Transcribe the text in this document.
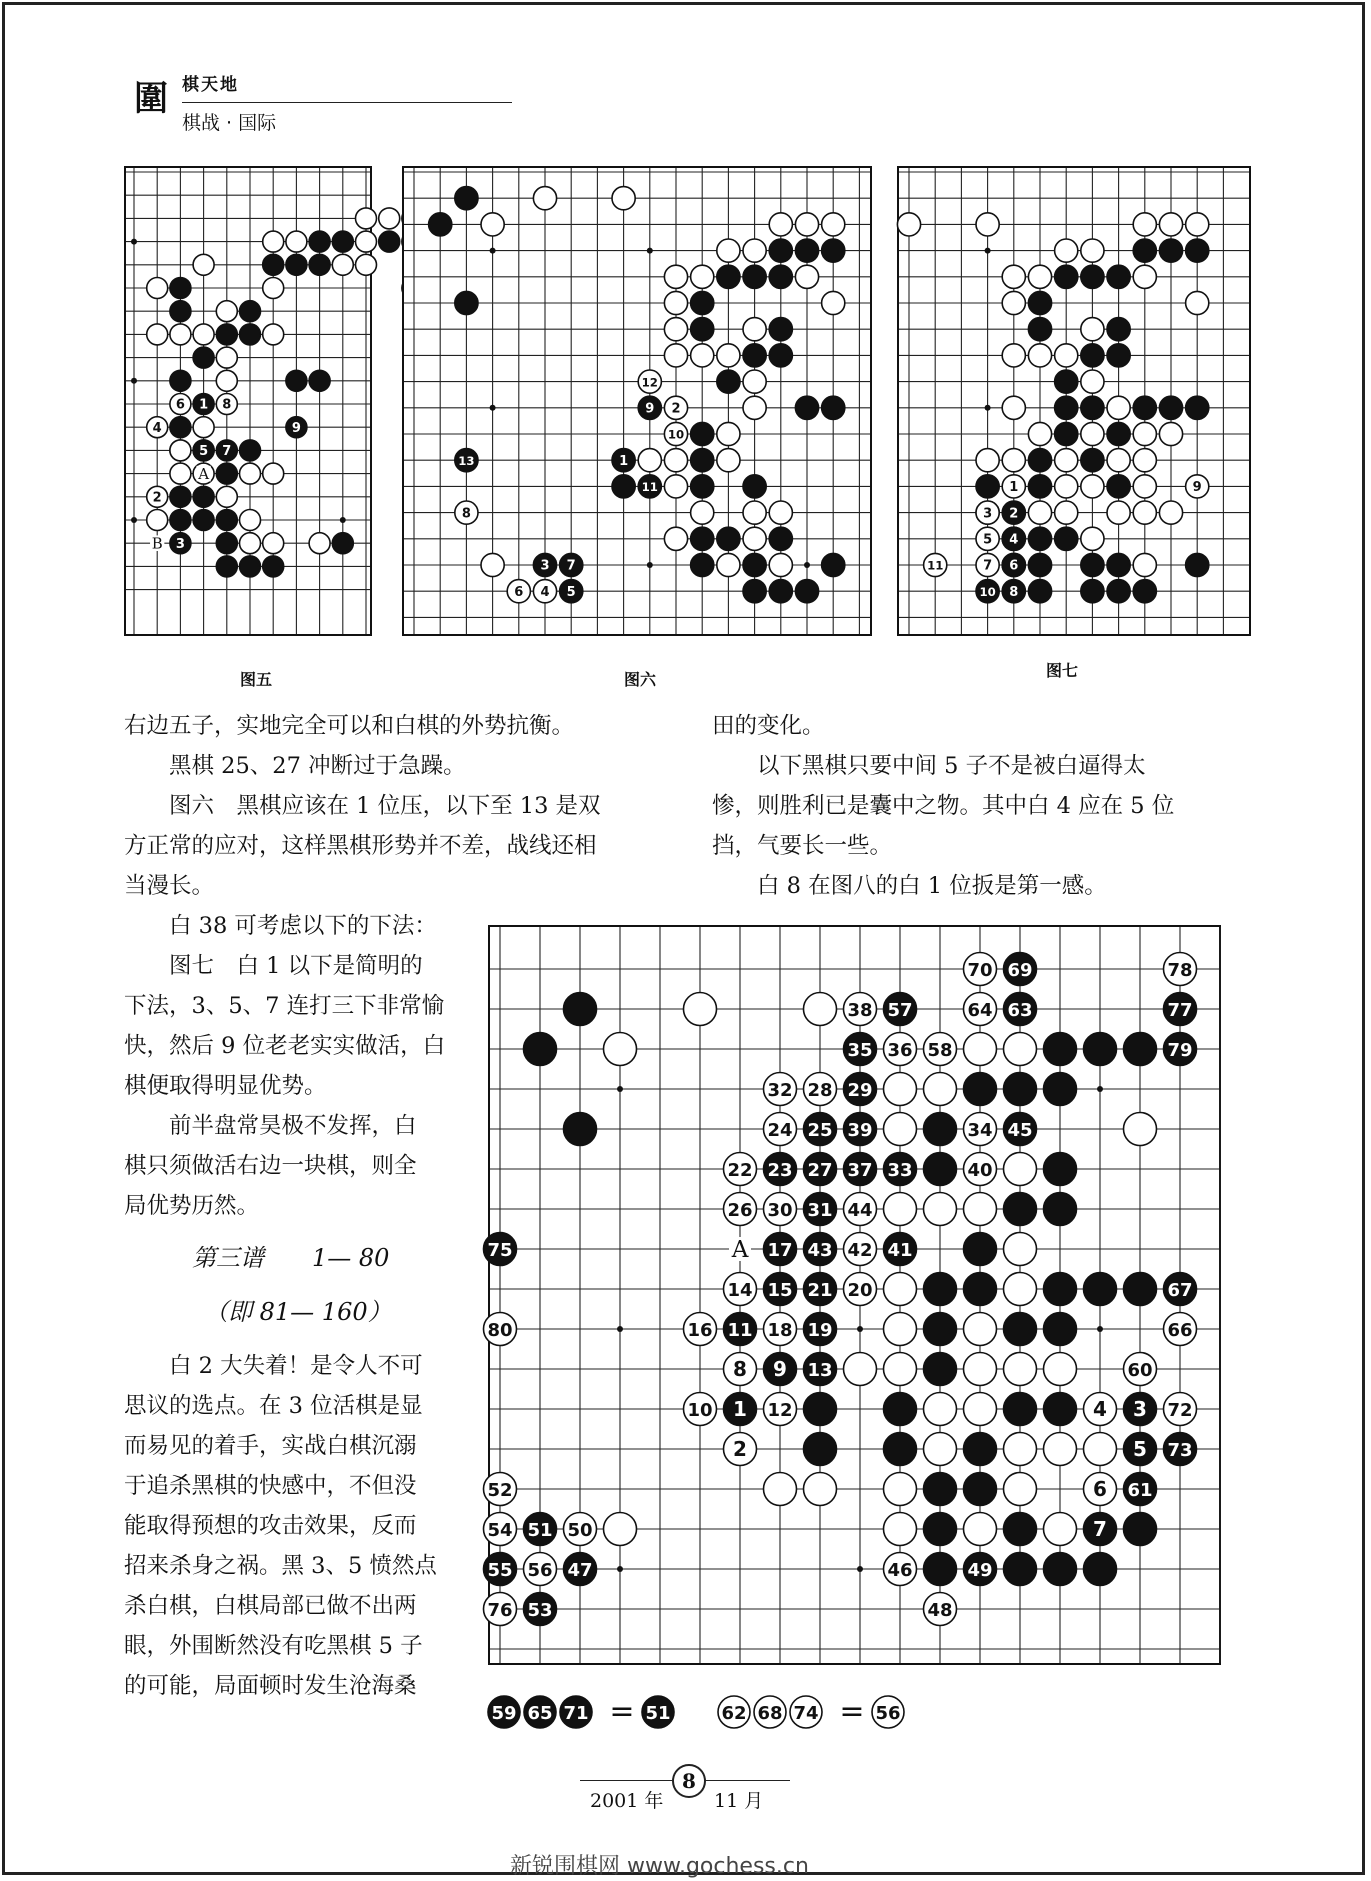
圍 棋天地
棋战 · 国际
6 1 8
4	9
5 7
2
3
A
B
图五
12
9 2
10
13	1
11
8
3 7
6 4 5
图六
1	9
3 2
5 4
11	7 6
10 8
图七
右边五子，实地完全可以和白棋的外势抗衡。
　　黑棋 25、27 冲断过于急躁。
　　图六　黑棋应该在 1 位压，以下至 13 是双
方正常的应对，这样黑棋形势并不差，战线还相
当漫长。
田的变化。
　　以下黑棋只要中间 5 子不是被白逼得太
惨，则胜利已是囊中之物。其中白 4 应在 5 位
挡，气要长一些。
　　白 8 在图八的白 1 位扳是第一感。
　　白 38 可考虑以下的下法：
　　图七　白 1 以下是简明的
下法，3、5、7 连打三下非常愉
快，然后 9 位老老实实做活，白
棋便取得明显优势。
　　前半盘常昊极不发挥，白
棋只须做活右边一块棋，则全
局优势历然。
第三谱　　1— 80
（即 81— 160）
　　白 2 大失着！是令人不可
思议的选点。在 3 位活棋是显
而易见的着手，实战白棋沉溺
于追杀黑棋的快感中，不但没
能取得预想的攻击效果，反而
招来杀身之祸。黑 3、5 愤然点
杀白棋，白棋局部已做不出两
眼，外围断然没有吃黑棋 5 子
的可能，局面顿时发生沧海桑
70 69	78
38 57	64 63	77
35 36 58	79
32 28 29
24 25 39	34 45
22 23 27 37 33	40
26 30 31 44
75	17 43 42 41
14 15 21 20	67
80	16 11 18 19	66
8 9 13	60
10 1 12	4 3 72
2	5 73
52	6 61
54 51 50	7
55 56 47	46	49
76 53	48
A
59 65 71 = 51	62 68 74 = 56
2001 年
8
11 月
新锐围棋网 www.gochess.cn
